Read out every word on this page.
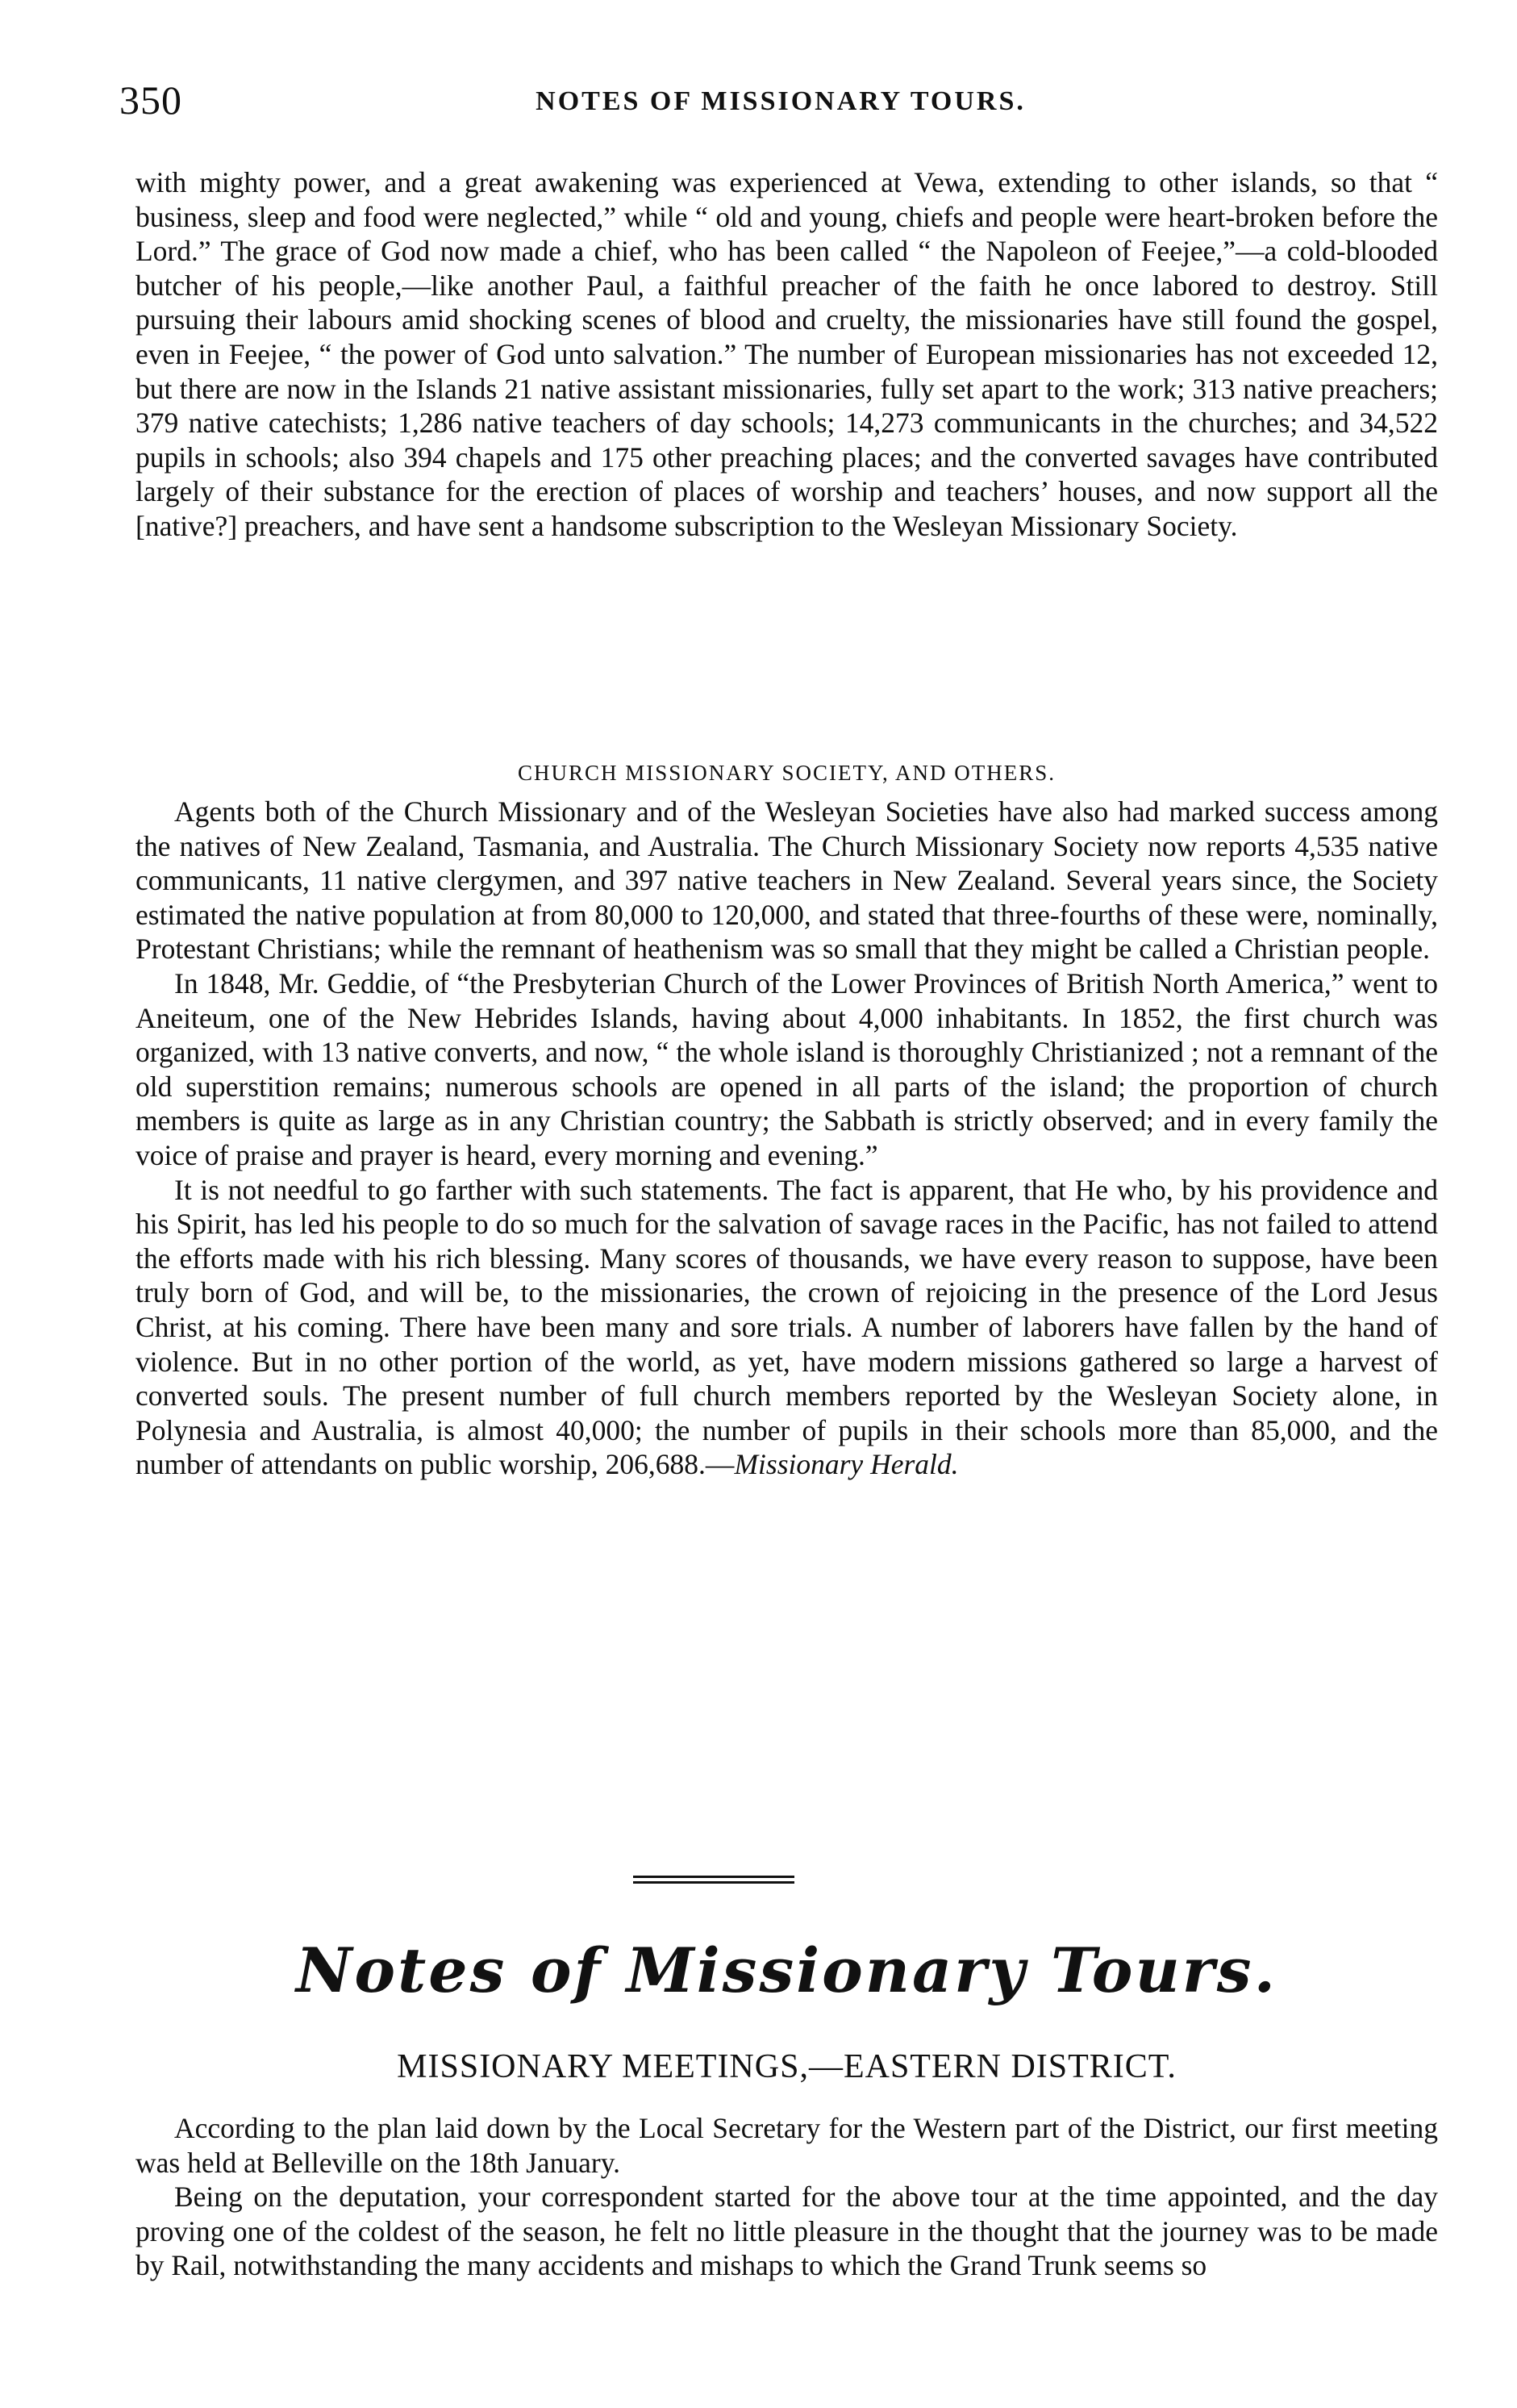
350	NOTES OF MISSIONARY TOURS.

with mighty power, and a great awakening was experienced at Vewa, extending to other islands, so that “ business, sleep and food were neglected,” while “ old and young, chiefs and people were heart-broken before the Lord.” The grace of God now made a chief, who has been called “ the Napoleon of Feejee,”—a cold-blooded butcher of his people,—like another Paul, a faithful preacher of the faith he once labored to destroy. Still pursuing their labours amid shocking scenes of blood and cruelty, the missionaries have still found the gospel, even in Feejee, “ the power of God unto salvation.” The number of European missionaries has not exceeded 12, but there are now in the Islands 21 native assistant missionaries, fully set apart to the work; 313 native preachers; 379 native catechists; 1,286 native teachers of day schools; 14,273 communicants in the churches; and 34,522 pupils in schools; also 394 chapels and 175 other preaching places; and the converted savages have contributed largely of their substance for the erection of places of worship and teachers’ houses, and now support all the [native?] preachers, and have sent a handsome subscription to the Wesleyan Missionary Society.

CHURCH MISSIONARY SOCIETY, AND OTHERS.

Agents both of the Church Missionary and of the Wesleyan Societies have also had marked success among the natives of New Zealand, Tasmania, and Australia. The Church Missionary Society now reports 4,535 native communicants, 11 native clergymen, and 397 native teachers in New Zealand. Several years since, the Society estimated the native population at from 80,000 to 120,000, and stated that three-fourths of these were, nominally, Protestant Christians; while the remnant of heathenism was so small that they might be called a Christian people.

In 1848, Mr. Geddie, of “the Presbyterian Church of the Lower Provinces of British North America,” went to Aneiteum, one of the New Hebrides Islands, having about 4,000 inhabitants. In 1852, the first church was organized, with 13 native converts, and now, “ the whole island is thoroughly Christianized ; not a remnant of the old superstition remains; numerous schools are opened in all parts of the island; the proportion of church members is quite as large as in any Christian country; the Sabbath is strictly observed; and in every family the voice of praise and prayer is heard, every morning and evening.”

It is not needful to go farther with such statements. The fact is apparent, that He who, by his providence and his Spirit, has led his people to do so much for the salvation of savage races in the Pacific, has not failed to attend the efforts made with his rich blessing. Many scores of thousands, we have every reason to suppose, have been truly born of God, and will be, to the missionaries, the crown of rejoicing in the presence of the Lord Jesus Christ, at his coming. There have been many and sore trials. A number of laborers have fallen by the hand of violence. But in no other portion of the world, as yet, have modern missions gathered so large a harvest of converted souls. The present number of full church members reported by the Wesleyan Society alone, in Polynesia and Australia, is almost 40,000; the number of pupils in their schools more than 85,000, and the number of attendants on public worship, 206,688.—Missionary Herald.

Notes of Missionary Tours.
MISSIONARY MEETINGS,—EASTERN DISTRICT.

According to the plan laid down by the Local Secretary for the Western part of the District, our first meeting was held at Belleville on the 18th January.

Being on the deputation, your correspondent started for the above tour at the time appointed, and the day proving one of the coldest of the season, he felt no little pleasure in the thought that the journey was to be made by Rail, notwithstanding the many accidents and mishaps to which the Grand Trunk seems so
